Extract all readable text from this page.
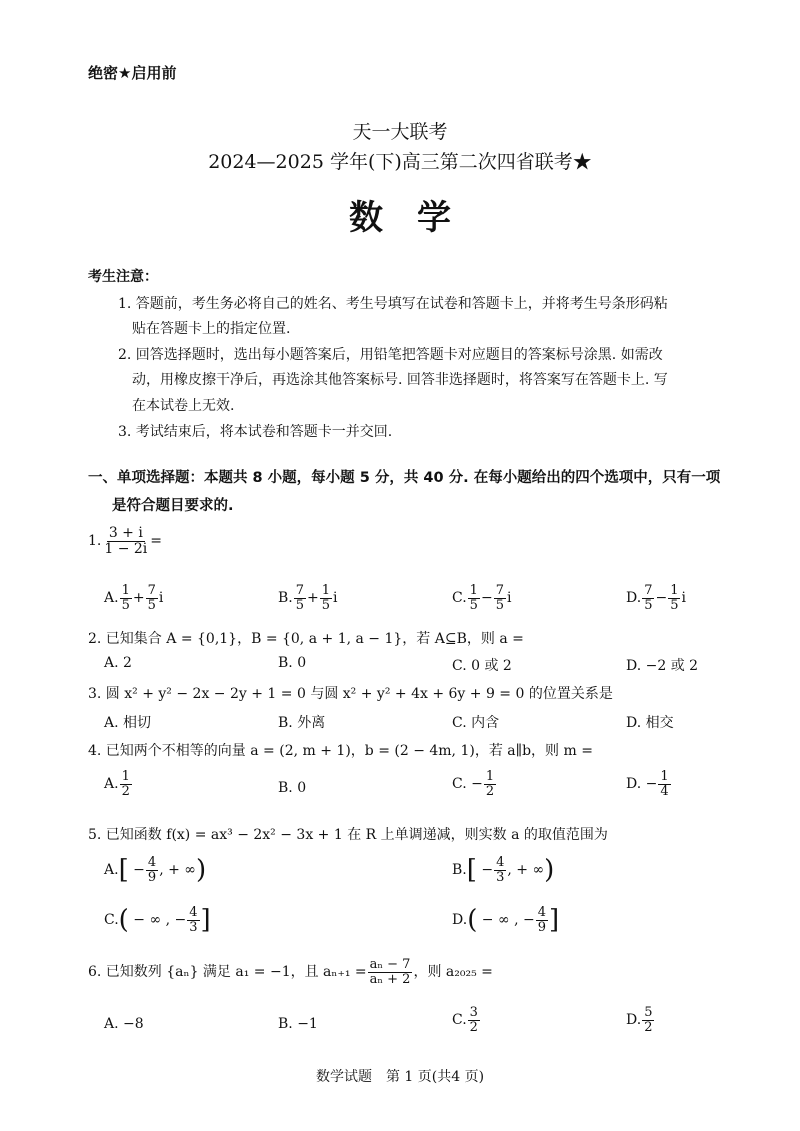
绝密★启用前
天一大联考
2024—2025 学年(下)高三第二次四省联考★
数　学
考生注意：
1. 答题前，考生务必将自己的姓名、考生号填写在试卷和答题卡上，并将考生号条形码粘
贴在答题卡上的指定位置.
2. 回答选择题时，选出每小题答案后，用铅笔把答题卡对应题目的答案标号涂黑. 如需改
动，用橡皮擦干净后，再选涂其他答案标号. 回答非选择题时，将答案写在答题卡上. 写
在本试卷上无效.
3. 考试结束后，将本试卷和答题卡一并交回.
一、单项选择题：本题共 8 小题，每小题 5 分，共 40 分. 在每小题给出的四个选项中，只有一项
是符合题目要求的.
1. $\frac{3 + i}{1 - 2i}$ =
A. $\frac{1}{5} + \frac{7}{5}$ i	B. $\frac{7}{5} + \frac{1}{5}$ i	C. $\frac{1}{5} - \frac{7}{5}$ i	D. $\frac{7}{5} - \frac{1}{5}$ i
2. 已知集合 A = {0,1}，B = {0, a + 1, a − 1}，若 A⊆B，则 a =
A. 2	B. 0	C. 0 或 2	D. −2 或 2
3. 圆 x² + y² − 2x − 2y + 1 = 0 与圆 x² + y² + 4x + 6y + 9 = 0 的位置关系是
A. 相切	B. 外离	C. 内含	D. 相交
4. 已知两个不相等的向量 a = (2, m + 1)，b = (2 − 4m, 1)，若 a∥b，则 m =
A. $\frac{1}{2}$	B. 0	C. − $\frac{1}{2}$	D. − $\frac{1}{4}$
5. 已知函数 f(x) = ax³ − 2x² − 3x + 1 在 R 上单调递减，则实数 a 的取值范围为
$A.[ - \frac{4}{9}$ , + ∞)	$B.[ - \frac{4}{3}$ , + ∞)
C.( − ∞ , − $\frac{4}{3}$ ]	D.( − ∞ , − $\frac{4}{9}$ ]
6. 已知数列 {aₙ} 满足 a₁ = −1，且 $a_{n+1} = \frac{\text{aₙ − 7}}{\text{aₙ + 2}}$ ，则 a₂₀₂₅ =
A. −8	B. −1	C. $\frac{3}{2}$	D. $\frac{5}{2}$
数学试题　第 1 页(共4 页)
